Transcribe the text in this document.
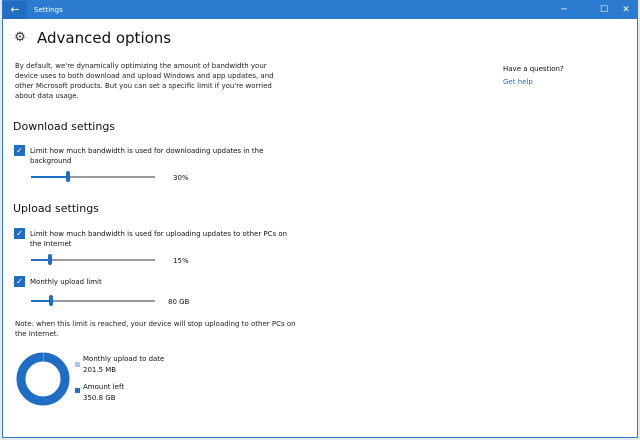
←	Settings	─	☐	✕
⚙ Advanced options
By default, we're dynamically optimizing the amount of bandwidth your device uses to both download and upload Windows and app updates, and other Microsoft products. But you can set a specific limit if you're worried about data usage.
Download settings
✓	Limit how much bandwidth is used for downloading updates in the background
30%
Upload settings
✓	Limit how much bandwidth is used for uploading updates to other PCs on the Internet
15%
✓	Monthly upload limit
80 GB
Note: when this limit is reached, your device will stop uploading to other PCs on the Internet.
Monthly upload to date
201.5 MB
Amount left
350.8 GB
Have a question?
Get help
